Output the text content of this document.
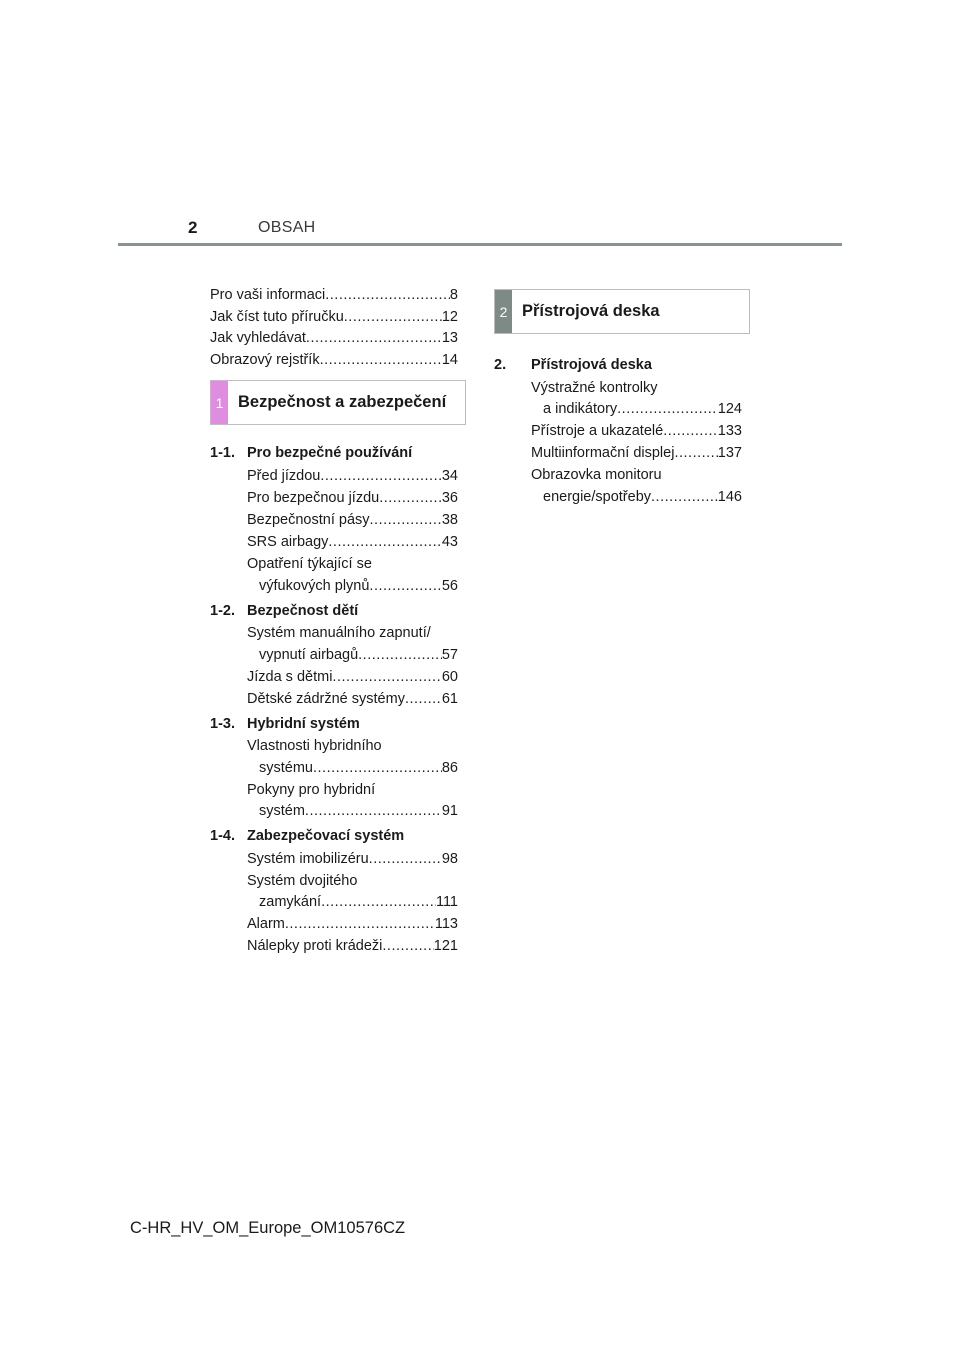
2	OBSAH
Pro vaši informaci .....	8
Jak číst tuto příručku .....	12
Jak vyhledávat .....	13
Obrazový rejstřík .....	14
1-1. Pro bezpečné používání
Před jízdou .....	34
Pro bezpečnou jízdu .....	36
Bezpečnostní pásy .....	38
SRS airbagy .....	43
Opatření týkající se
výfukových plynů .....	56
1-2. Bezpečnost dětí
Systém manuálního zapnutí/
vypnutí airbagů .....	57
Jízda s dětmi .....	60
Dětské zádržné systémy .....	61
1-3. Hybridní systém
Vlastnosti hybridního
systému .....	86
Pokyny pro hybridní
systém .....	91
1-4. Zabezpečovací systém
Systém imobilizéru .....	98
Systém dvojitého
zamykání .....	111
Alarm .....	113
Nálepky proti krádeži .....	121
1 Bezpečnost a zabezpečení
2 Přístrojová deska
2. Přístrojová deska
Výstražné kontrolky
a indikátory .....	124
Přístroje a ukazatelé .....	133
Multiinformační displej .....	137
Obrazovka monitoru
energie/spotřeby .....	146
C-HR_HV_OM_Europe_OM10576CZ
